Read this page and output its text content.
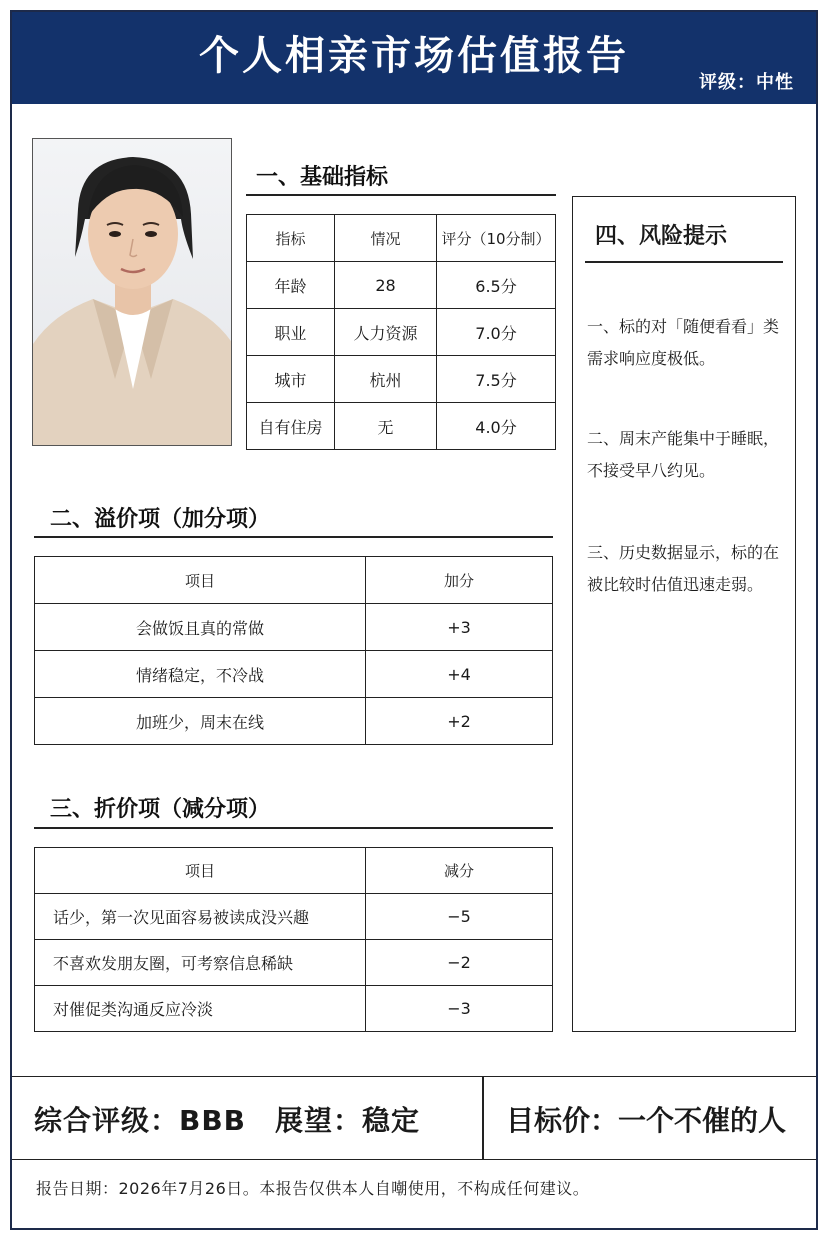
个人相亲市场估值报告
评级：中性
一、基础指标
指标	情况	评分（10分制）
年龄	28	6.5分
职业	人力资源	7.0分
城市	杭州	7.5分
自有住房	无	4.0分
二、溢价项（加分项）
项目	加分
会做饭且真的常做	+3
情绪稳定，不冷战	+4
加班少，周末在线	+2
三、折价项（减分项）
项目	减分
话少，第一次见面容易被读成没兴趣	−5
不喜欢发朋友圈，可考察信息稀缺	−2
对催促类沟通反应冷淡	−3
四、风险提示
一、标的对「随便看看」类需求响应度极低。
二、周末产能集中于睡眠，不接受早八约见。
三、历史数据显示，标的在被比较时估值迅速走弱。
综合评级：BBB　展望：稳定	目标价：一个不催的人
报告日期：2026年7月26日。本报告仅供本人自嘲使用，不构成任何建议。
